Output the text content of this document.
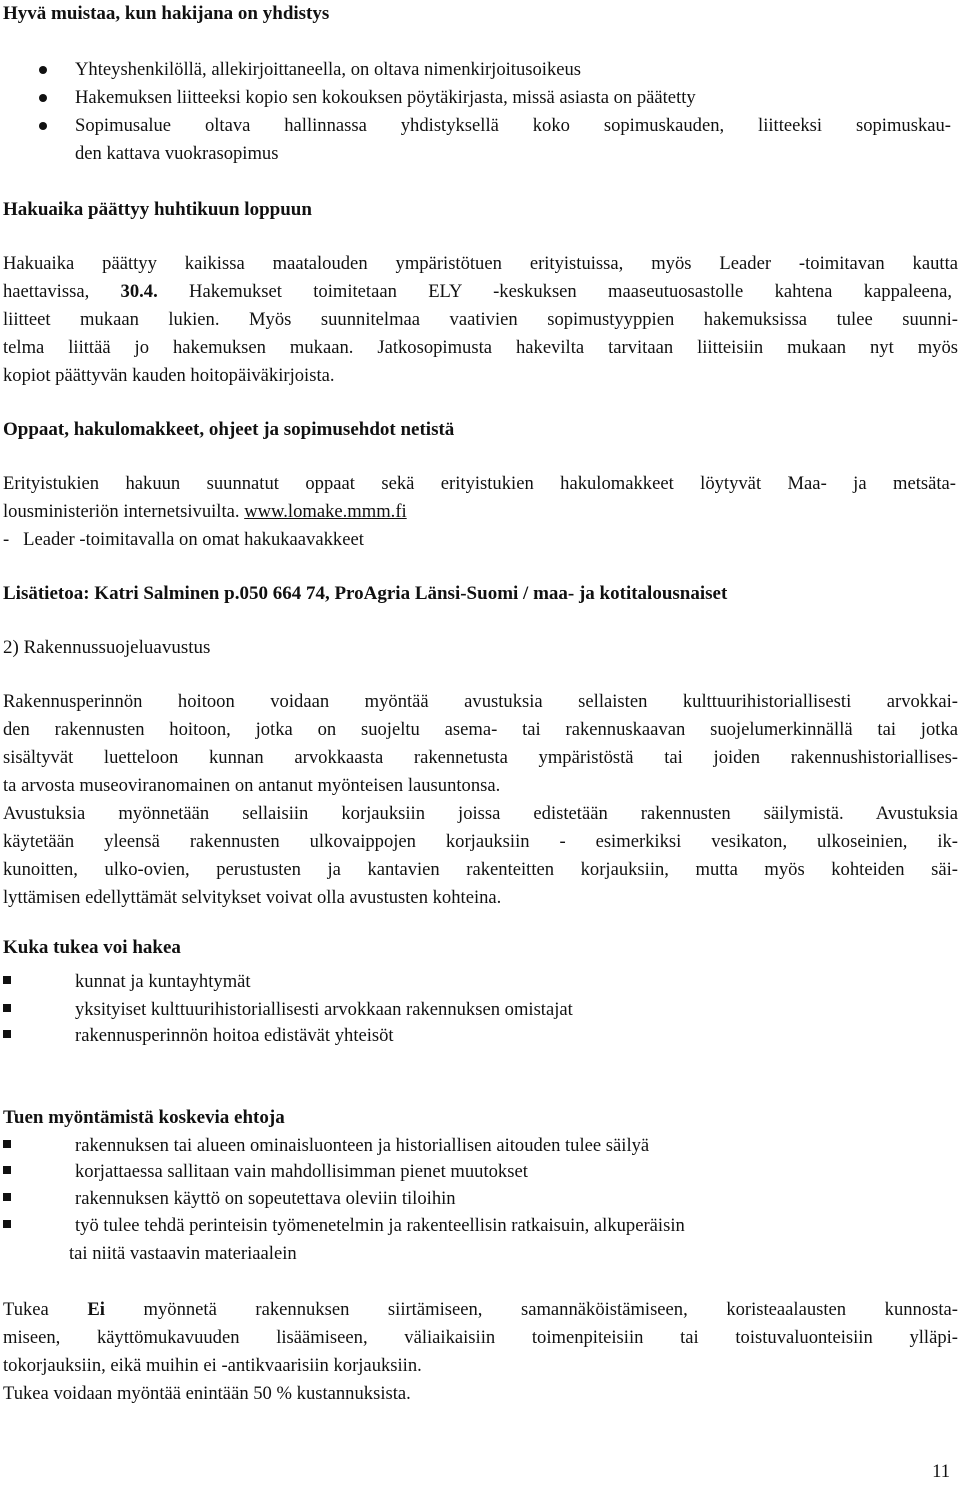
Hyvä muistaa, kun hakijana on yhdistys
Yhteyshenkilöllä, allekirjoittaneella, on oltava nimenkirjoitusoikeus
Hakemuksen liitteeksi kopio sen kokouksen pöytäkirjasta, missä asiasta on päätetty
Sopimusalue oltava hallinnassa yhdistyksellä koko sopimuskauden, liitteeksi sopimuskau-
den kattava vuokrasopimus
Hakuaika päättyy huhtikuun loppuun
Hakuaika päättyy kaikissa maatalouden ympäristötuen erityistuissa, myös Leader -toimitavan kautta
haettavissa, 30.4. Hakemukset toimitetaan ELY -keskuksen maaseutuosastolle kahtena kappaleena,
liitteet mukaan lukien. Myös suunnitelmaa vaativien sopimustyyppien hakemuksissa tulee suunni-
telma liittää jo hakemuksen mukaan. Jatkosopimusta hakevilta tarvitaan liitteisiin mukaan nyt myös
kopiot päättyvän kauden hoitopäiväkirjoista.
Oppaat, hakulomakkeet, ohjeet ja sopimusehdot netistä
Erityistukien hakuun suunnatut oppaat sekä erityistukien hakulomakkeet löytyvät Maa- ja metsäta-
lousministeriön internetsivuilta. www.lomake.mmm.fi
-   Leader -toimitavalla on omat hakukaavakkeet
Lisätietoa: Katri Salminen p.050 664 74, ProAgria Länsi-Suomi / maa- ja kotitalousnaiset
2) Rakennussuojeluavustus
Rakennusperinnön hoitoon voidaan myöntää avustuksia sellaisten kulttuurihistoriallisesti arvokkai-
den rakennusten hoitoon, jotka on suojeltu asema- tai rakennuskaavan suojelumerkinnällä tai jotka
sisältyvät luetteloon kunnan arvokkaasta rakennetusta ympäristöstä tai joiden rakennushistoriallises-
ta arvosta museoviranomainen on antanut myönteisen lausuntonsa.
Avustuksia myönnetään sellaisiin korjauksiin joissa edistetään rakennusten säilymistä. Avustuksia
käytetään yleensä rakennusten ulkovaippojen korjauksiin - esimerkiksi vesikaton, ulkoseinien, ik-
kunoitten, ulko-ovien, perustusten ja kantavien rakenteitten korjauksiin, mutta myös kohteiden säi-
lyttämisen edellyttämät selvitykset voivat olla avustusten kohteina.
Kuka tukea voi hakea
kunnat ja kuntayhtymät
yksityiset kulttuurihistoriallisesti arvokkaan rakennuksen omistajat
rakennusperinnön hoitoa edistävät yhteisöt
Tuen myöntämistä koskevia ehtoja
rakennuksen tai alueen ominaisluonteen ja historiallisen aitouden tulee säilyä
korjattaessa sallitaan vain mahdollisimman pienet muutokset
rakennuksen käyttö on sopeutettava oleviin tiloihin
työ tulee tehdä perinteisin työmenetelmin ja rakenteellisin ratkaisuin, alkuperäisin
tai niitä vastaavin materiaalein
Tukea Ei myönnetä rakennuksen siirtämiseen, samannäköistämiseen, koristeaalausten kunnosta-
miseen, käyttömukavuuden lisäämiseen, väliaikaisiin toimenpiteisiin tai toistuvaluonteisiin ylläpi-
tokorjauksiin, eikä muihin ei -antikvaarisiin korjauksiin.
Tukea voidaan myöntää enintään 50 % kustannuksista.
11
